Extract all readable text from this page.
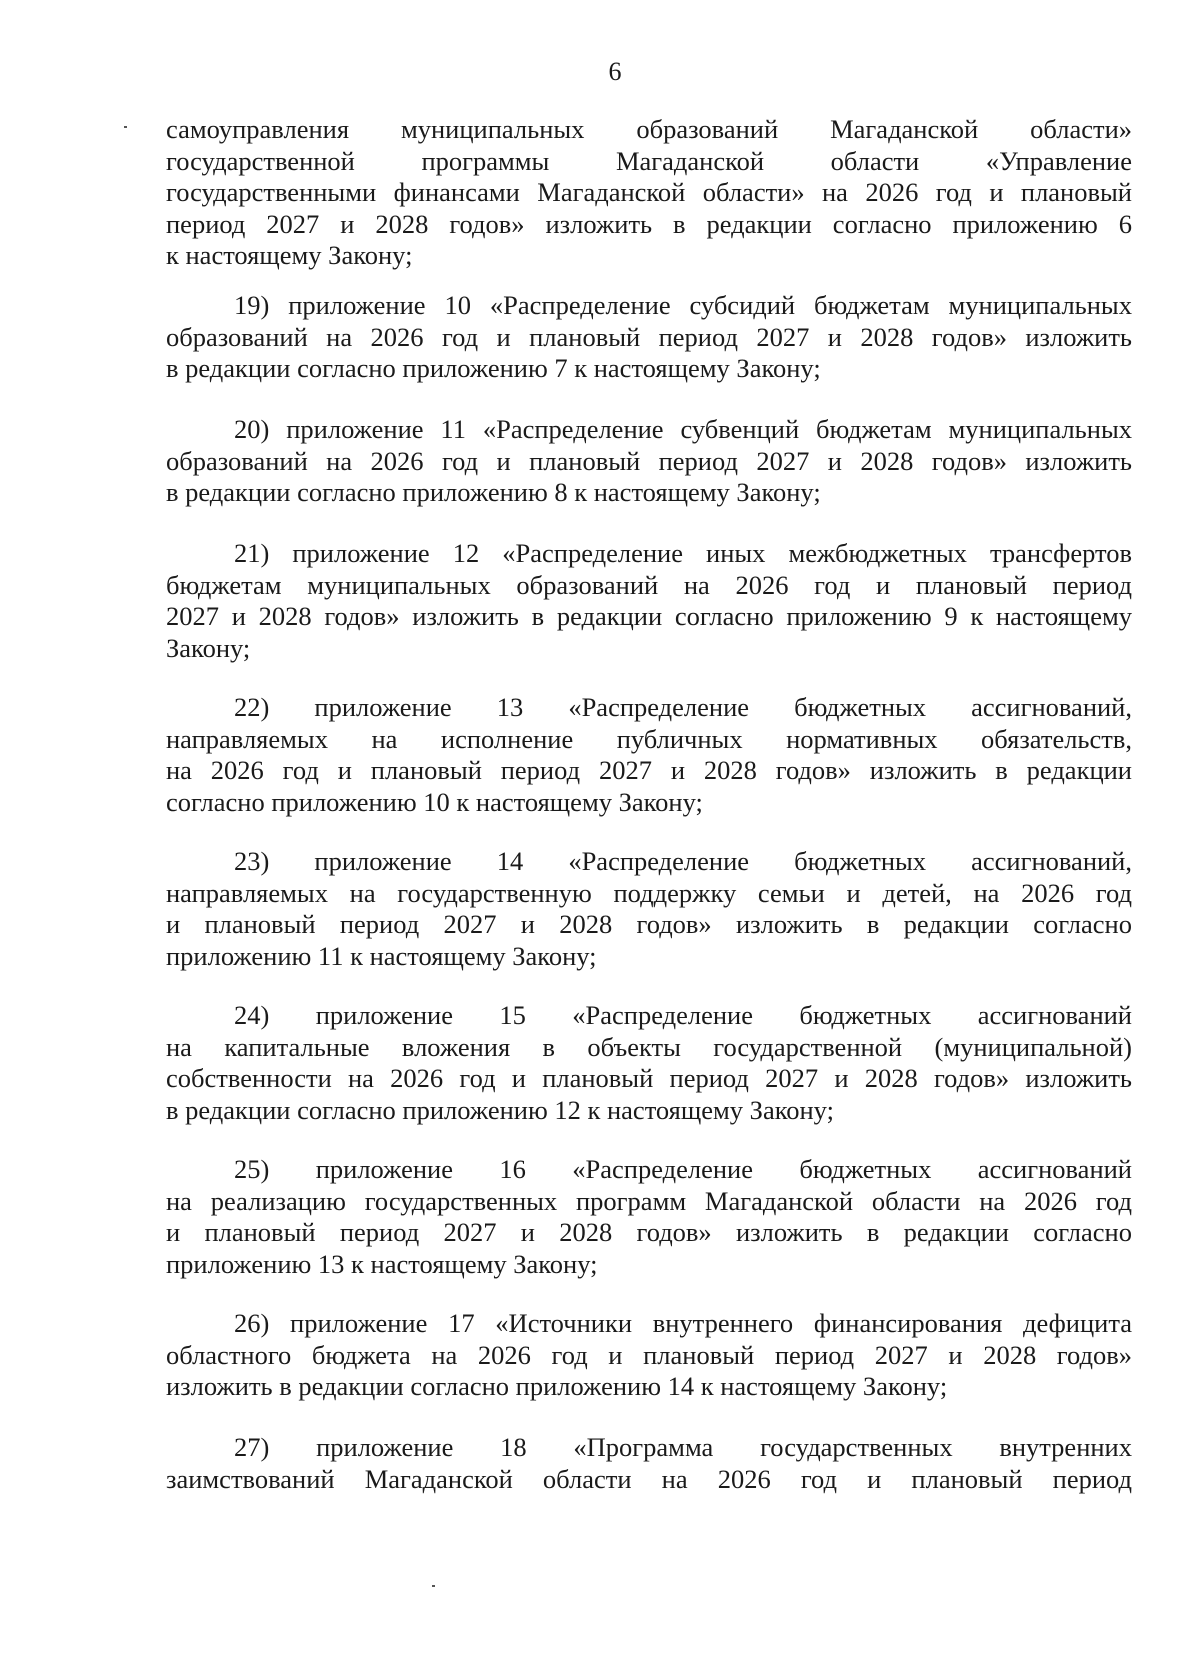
6
самоуправления муниципальных образований Магаданской области»
государственной программы Магаданской области «Управление
государственными финансами Магаданской области» на 2026 год и плановый
период 2027 и 2028 годов» изложить в редакции согласно приложению 6
к настоящему Закону;
19) приложение 10 «Распределение субсидий бюджетам муниципальных
образований на 2026 год и плановый период 2027 и 2028 годов» изложить
в редакции согласно приложению 7 к настоящему Закону;
20) приложение 11 «Распределение субвенций бюджетам муниципальных
образований на 2026 год и плановый период 2027 и 2028 годов» изложить
в редакции согласно приложению 8 к настоящему Закону;
21) приложение 12 «Распределение иных межбюджетных трансфертов
бюджетам муниципальных образований на 2026 год и плановый период
2027 и 2028 годов» изложить в редакции согласно приложению 9 к настоящему
Закону;
22) приложение 13 «Распределение бюджетных ассигнований,
направляемых на исполнение публичных нормативных обязательств,
на 2026 год и плановый период 2027 и 2028 годов» изложить в редакции
согласно приложению 10 к настоящему Закону;
23) приложение 14 «Распределение бюджетных ассигнований,
направляемых на государственную поддержку семьи и детей, на 2026 год
и плановый период 2027 и 2028 годов» изложить в редакции согласно
приложению 11 к настоящему Закону;
24) приложение 15 «Распределение бюджетных ассигнований
на капитальные вложения в объекты государственной (муниципальной)
собственности на 2026 год и плановый период 2027 и 2028 годов» изложить
в редакции согласно приложению 12 к настоящему Закону;
25) приложение 16 «Распределение бюджетных ассигнований
на реализацию государственных программ Магаданской области на 2026 год
и плановый период 2027 и 2028 годов» изложить в редакции согласно
приложению 13 к настоящему Закону;
26) приложение 17 «Источники внутреннего финансирования дефицита
областного бюджета на 2026 год и плановый период 2027 и 2028 годов»
изложить в редакции согласно приложению 14 к настоящему Закону;
27) приложение 18 «Программа государственных внутренних
заимствований Магаданской области на 2026 год и плановый период
